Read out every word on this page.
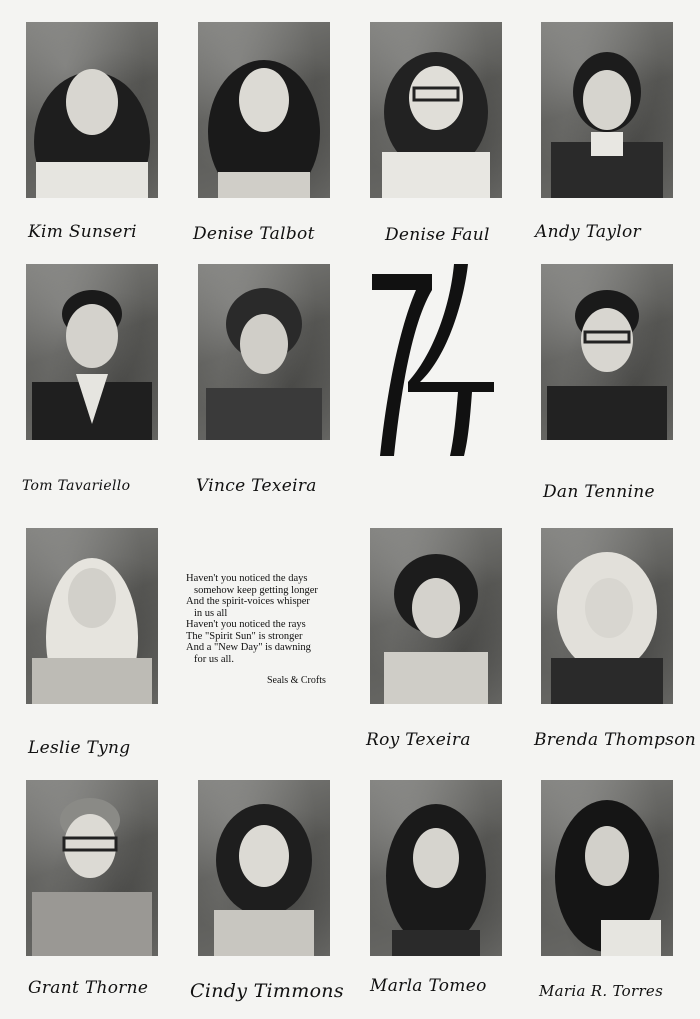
Kim Sunseri	Denise Talbot	Denise Faul	Andy Taylor
74
Tom Tavariello	Vince Texeira	Dan Tennine
Haven't you noticed the days
somehow keep getting longer
And the spirit-voices whisper
in us all
Haven't you noticed the rays
The "Spirit Sun" is stronger
And a "New Day" is dawning
for us all.
Seals & Crofts
Leslie Tyng	Roy Texeira	Brenda Thompson
Grant Thorne Cindy Timmons Marla Tomeo	Maria R. Torres
